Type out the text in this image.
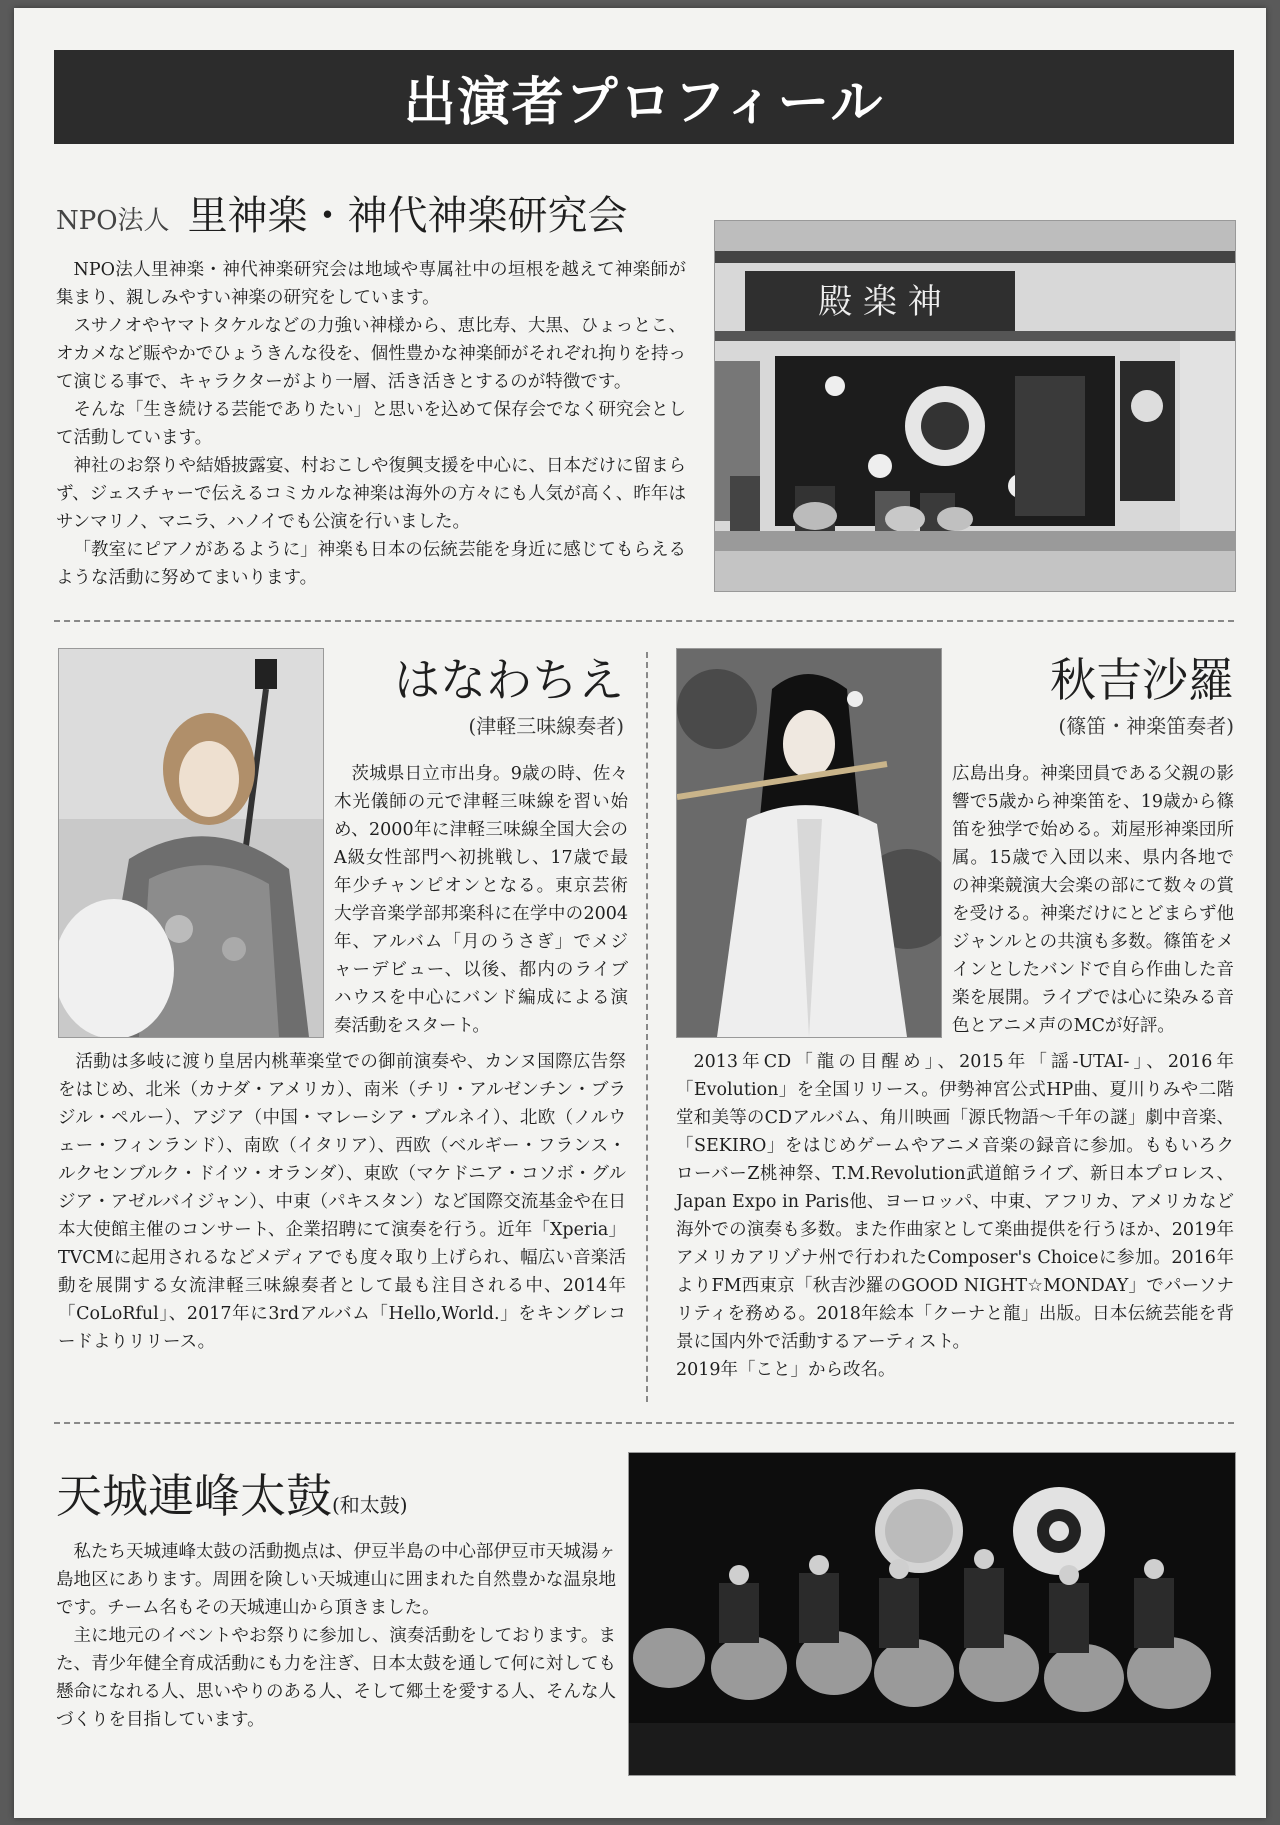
出演者プロフィール
NPO法人 里神楽・神代神楽研究会

NPO法人里神楽・神代神楽研究会は地域や専属社中の垣根を越えて神楽師が集まり、親しみやすい神楽の研究をしています。

スサノオやヤマトタケルなどの力強い神様から、恵比寿、大黒、ひょっとこ、オカメなど賑やかでひょうきんな役を、個性豊かな神楽師がそれぞれ拘りを持って演じる事で、キャラクターがより一層、活き活きとするのが特徴です。

そんな「生き続ける芸能でありたい」と思いを込めて保存会でなく研究会として活動しています。

神社のお祭りや結婚披露宴、村おこしや復興支援を中心に、日本だけに留まらず、ジェスチャーで伝えるコミカルな神楽は海外の方々にも人気が高く、昨年はサンマリノ、マニラ、ハノイでも公演を行いました。

「教室にピアノがあるように」神楽も日本の伝統芸能を身近に感じてもらえるような活動に努めてまいります。

殿 楽 神
はなわちえ
(津軽三味線奏者)

茨城県日立市出身。9歳の時、佐々木光儀師の元で津軽三味線を習い始め、2000年に津軽三味線全国大会のA級女性部門へ初挑戦し、17歳で最年少チャンピオンとなる。東京芸術大学音楽学部邦楽科に在学中の2004年、アルバム「月のうさぎ」でメジャーデビュー、以後、都内のライブハウスを中心にバンド編成による演奏活動をスタート。

活動は多岐に渡り皇居内桃華楽堂での御前演奏や、カンヌ国際広告祭をはじめ、北米（カナダ・アメリカ）、南米（チリ・アルゼンチン・ブラジル・ペルー）、アジア（中国・マレーシア・ブルネイ）、北欧（ノルウェー・フィンランド）、南欧（イタリア）、西欧（ベルギー・フランス・ルクセンブルク・ドイツ・オランダ）、東欧（マケドニア・コソボ・グルジア・アゼルバイジャン）、中東（パキスタン）など国際交流基金や在日本大使館主催のコンサート、企業招聘にて演奏を行う。近年「Xperia」TVCMに起用されるなどメディアでも度々取り上げられ、幅広い音楽活動を展開する女流津軽三味線奏者として最も注目される中、2014年「CoLoRful」、2017年に3rdアルバム「Hello,World.」をキングレコードよりリリース。

秋吉沙羅
(篠笛・神楽笛奏者)

広島出身。神楽団員である父親の影響で5歳から神楽笛を、19歳から篠笛を独学で始める。苅屋形神楽団所属。15歳で入団以来、県内各地での神楽競演大会楽の部にて数々の賞を受ける。神楽だけにとどまらず他ジャンルとの共演も多数。篠笛をメインとしたバンドで自ら作曲した音楽を展開。ライブでは心に染みる音色とアニメ声のMCが好評。

2013年CD「龍の目醒め」、2015年「謡-UTAI-」、2016年「Evolution」を全国リリース。伊勢神宮公式HP曲、夏川りみや二階堂和美等のCDアルバム、角川映画「源氏物語～千年の謎」劇中音楽、「SEKIRO」をはじめゲームやアニメ音楽の録音に参加。ももいろクローバーZ桃神祭、T.M.Revolution武道館ライブ、新日本プロレス、Japan Expo in Paris他、ヨーロッパ、中東、アフリカ、アメリカなど海外での演奏も多数。また作曲家として楽曲提供を行うほか、2019年アメリカアリゾナ州で行われたComposer's Choiceに参加。2016年よりFM西東京「秋吉沙羅のGOOD NIGHT☆MONDAY」でパーソナリティを務める。2018年絵本「クーナと龍」出版。日本伝統芸能を背景に国内外で活動するアーティスト。

2019年「こと」から改名。

天城連峰太鼓(和太鼓)

私たち天城連峰太鼓の活動拠点は、伊豆半島の中心部伊豆市天城湯ヶ島地区にあります。周囲を険しい天城連山に囲まれた自然豊かな温泉地です。チーム名もその天城連山から頂きました。

主に地元のイベントやお祭りに参加し、演奏活動をしております。また、青少年健全育成活動にも力を注ぎ、日本太鼓を通して何に対しても懸命になれる人、思いやりのある人、そして郷土を愛する人、そんな人づくりを目指しています。
